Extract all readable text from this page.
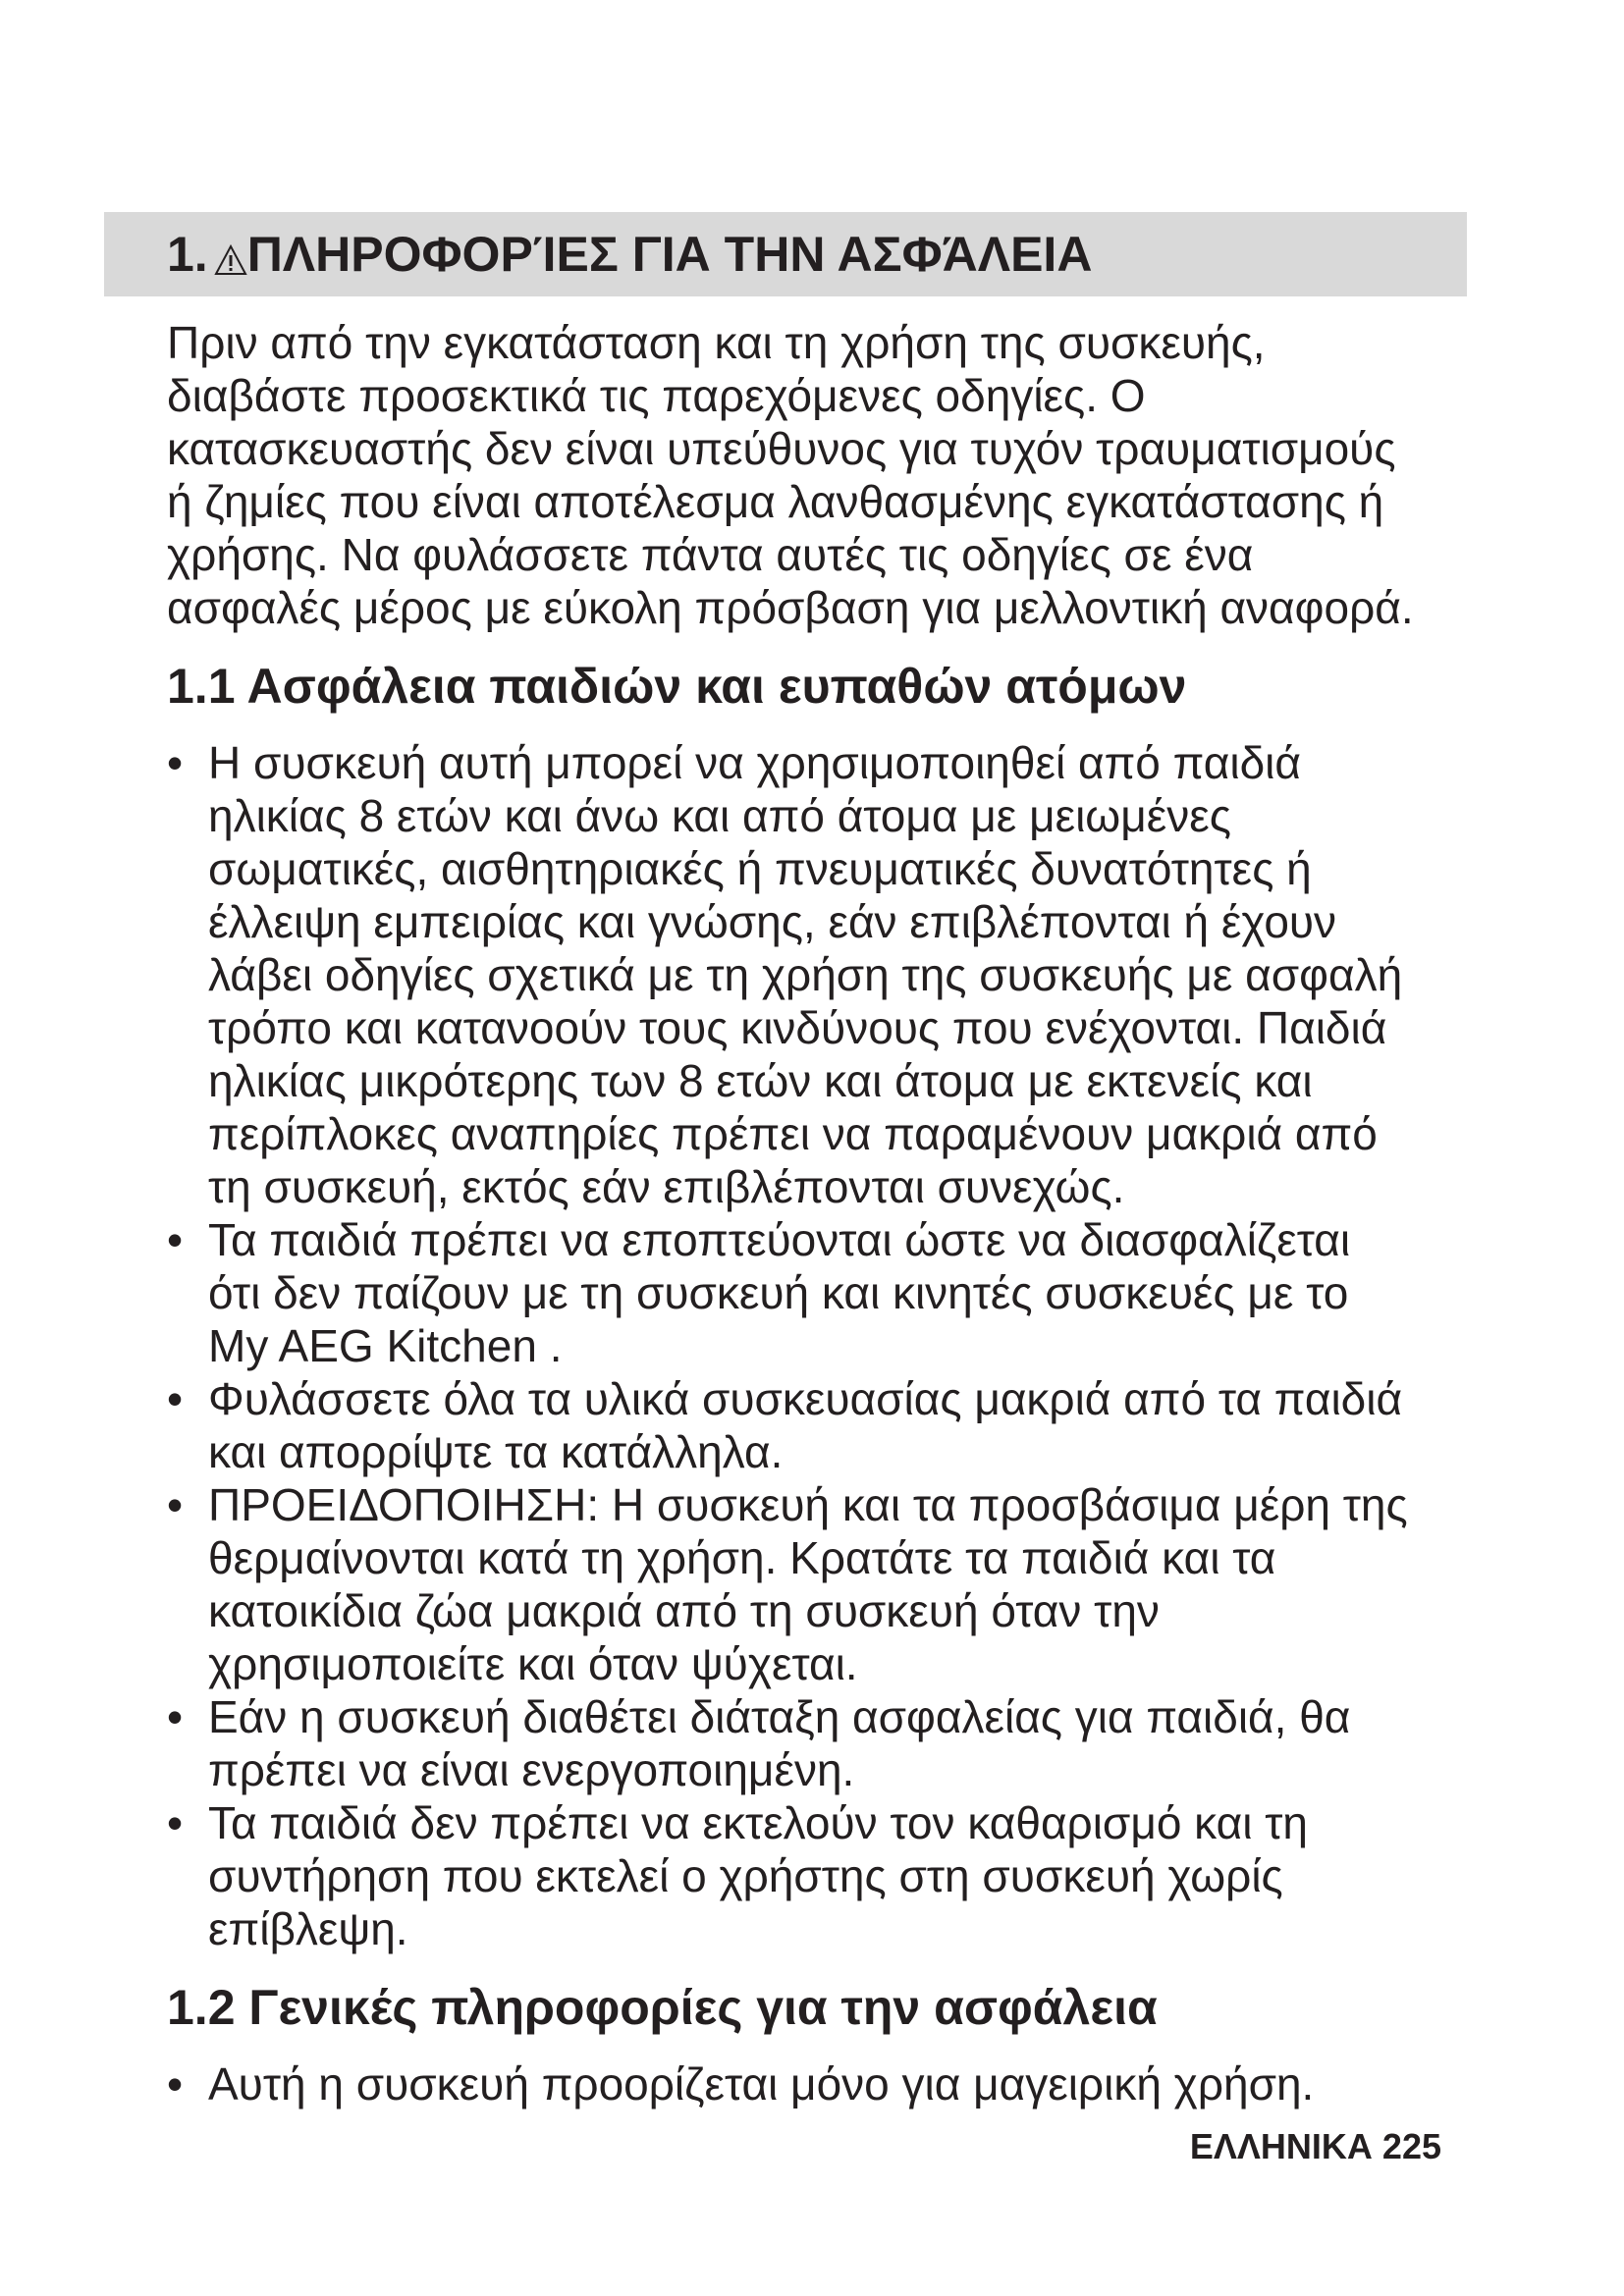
1. ΠΛΗΡΟΦΟΡΊΕΣ ΓΙΑ ΤΗΝ ΑΣΦΆΛΕΙΑ

Πριν από την εγκατάσταση και τη χρήση της συσκευής,

διαβάστε προσεκτικά τις παρεχόμενες οδηγίες. Ο

κατασκευαστής δεν είναι υπεύθυνος για τυχόν τραυματισμούς

ή ζημίες που είναι αποτέλεσμα λανθασμένης εγκατάστασης ή

χρήσης. Να φυλάσσετε πάντα αυτές τις οδηγίες σε ένα

ασφαλές μέρος με εύκολη πρόσβαση για μελλοντική αναφορά.

1.1 Ασφάλεια παιδιών και ευπαθών ατόμων
• Η συσκευή αυτή μπορεί να χρησιμοποιηθεί από παιδιά
ηλικίας 8 ετών και άνω και από άτομα με μειωμένες
σωματικές, αισθητηριακές ή πνευματικές δυνατότητες ή
έλλειψη εμπειρίας και γνώσης, εάν επιβλέπονται ή έχουν
λάβει οδηγίες σχετικά με τη χρήση της συσκευής με ασφαλή
τρόπο και κατανοούν τους κινδύνους που ενέχονται. Παιδιά
ηλικίας μικρότερης των 8 ετών και άτομα με εκτενείς και
περίπλοκες αναπηρίες πρέπει να παραμένουν μακριά από
τη συσκευή, εκτός εάν επιβλέπονται συνεχώς.
• Τα παιδιά πρέπει να εποπτεύονται ώστε να διασφαλίζεται
ότι δεν παίζουν με τη συσκευή και κινητές συσκευές με το
My AEG Kitchen .
• Φυλάσσετε όλα τα υλικά συσκευασίας μακριά από τα παιδιά
και απορρίψτε τα κατάλληλα.
• ΠΡΟΕΙΔΟΠΟΙΗΣΗ: Η συσκευή και τα προσβάσιμα μέρη της
θερμαίνονται κατά τη χρήση. Κρατάτε τα παιδιά και τα
κατοικίδια ζώα μακριά από τη συσκευή όταν την
χρησιμοποιείτε και όταν ψύχεται.
• Εάν η συσκευή διαθέτει διάταξη ασφαλείας για παιδιά, θα
πρέπει να είναι ενεργοποιημένη.
• Τα παιδιά δεν πρέπει να εκτελούν τον καθαρισμό και τη
συντήρηση που εκτελεί ο χρήστης στη συσκευή χωρίς
επίβλεψη.
1.2 Γενικές πληροφορίες για την ασφάλεια
• Αυτή η συσκευή προορίζεται μόνο για μαγειρική χρήση.
ΕΛΛΗΝΙΚΑ 225
